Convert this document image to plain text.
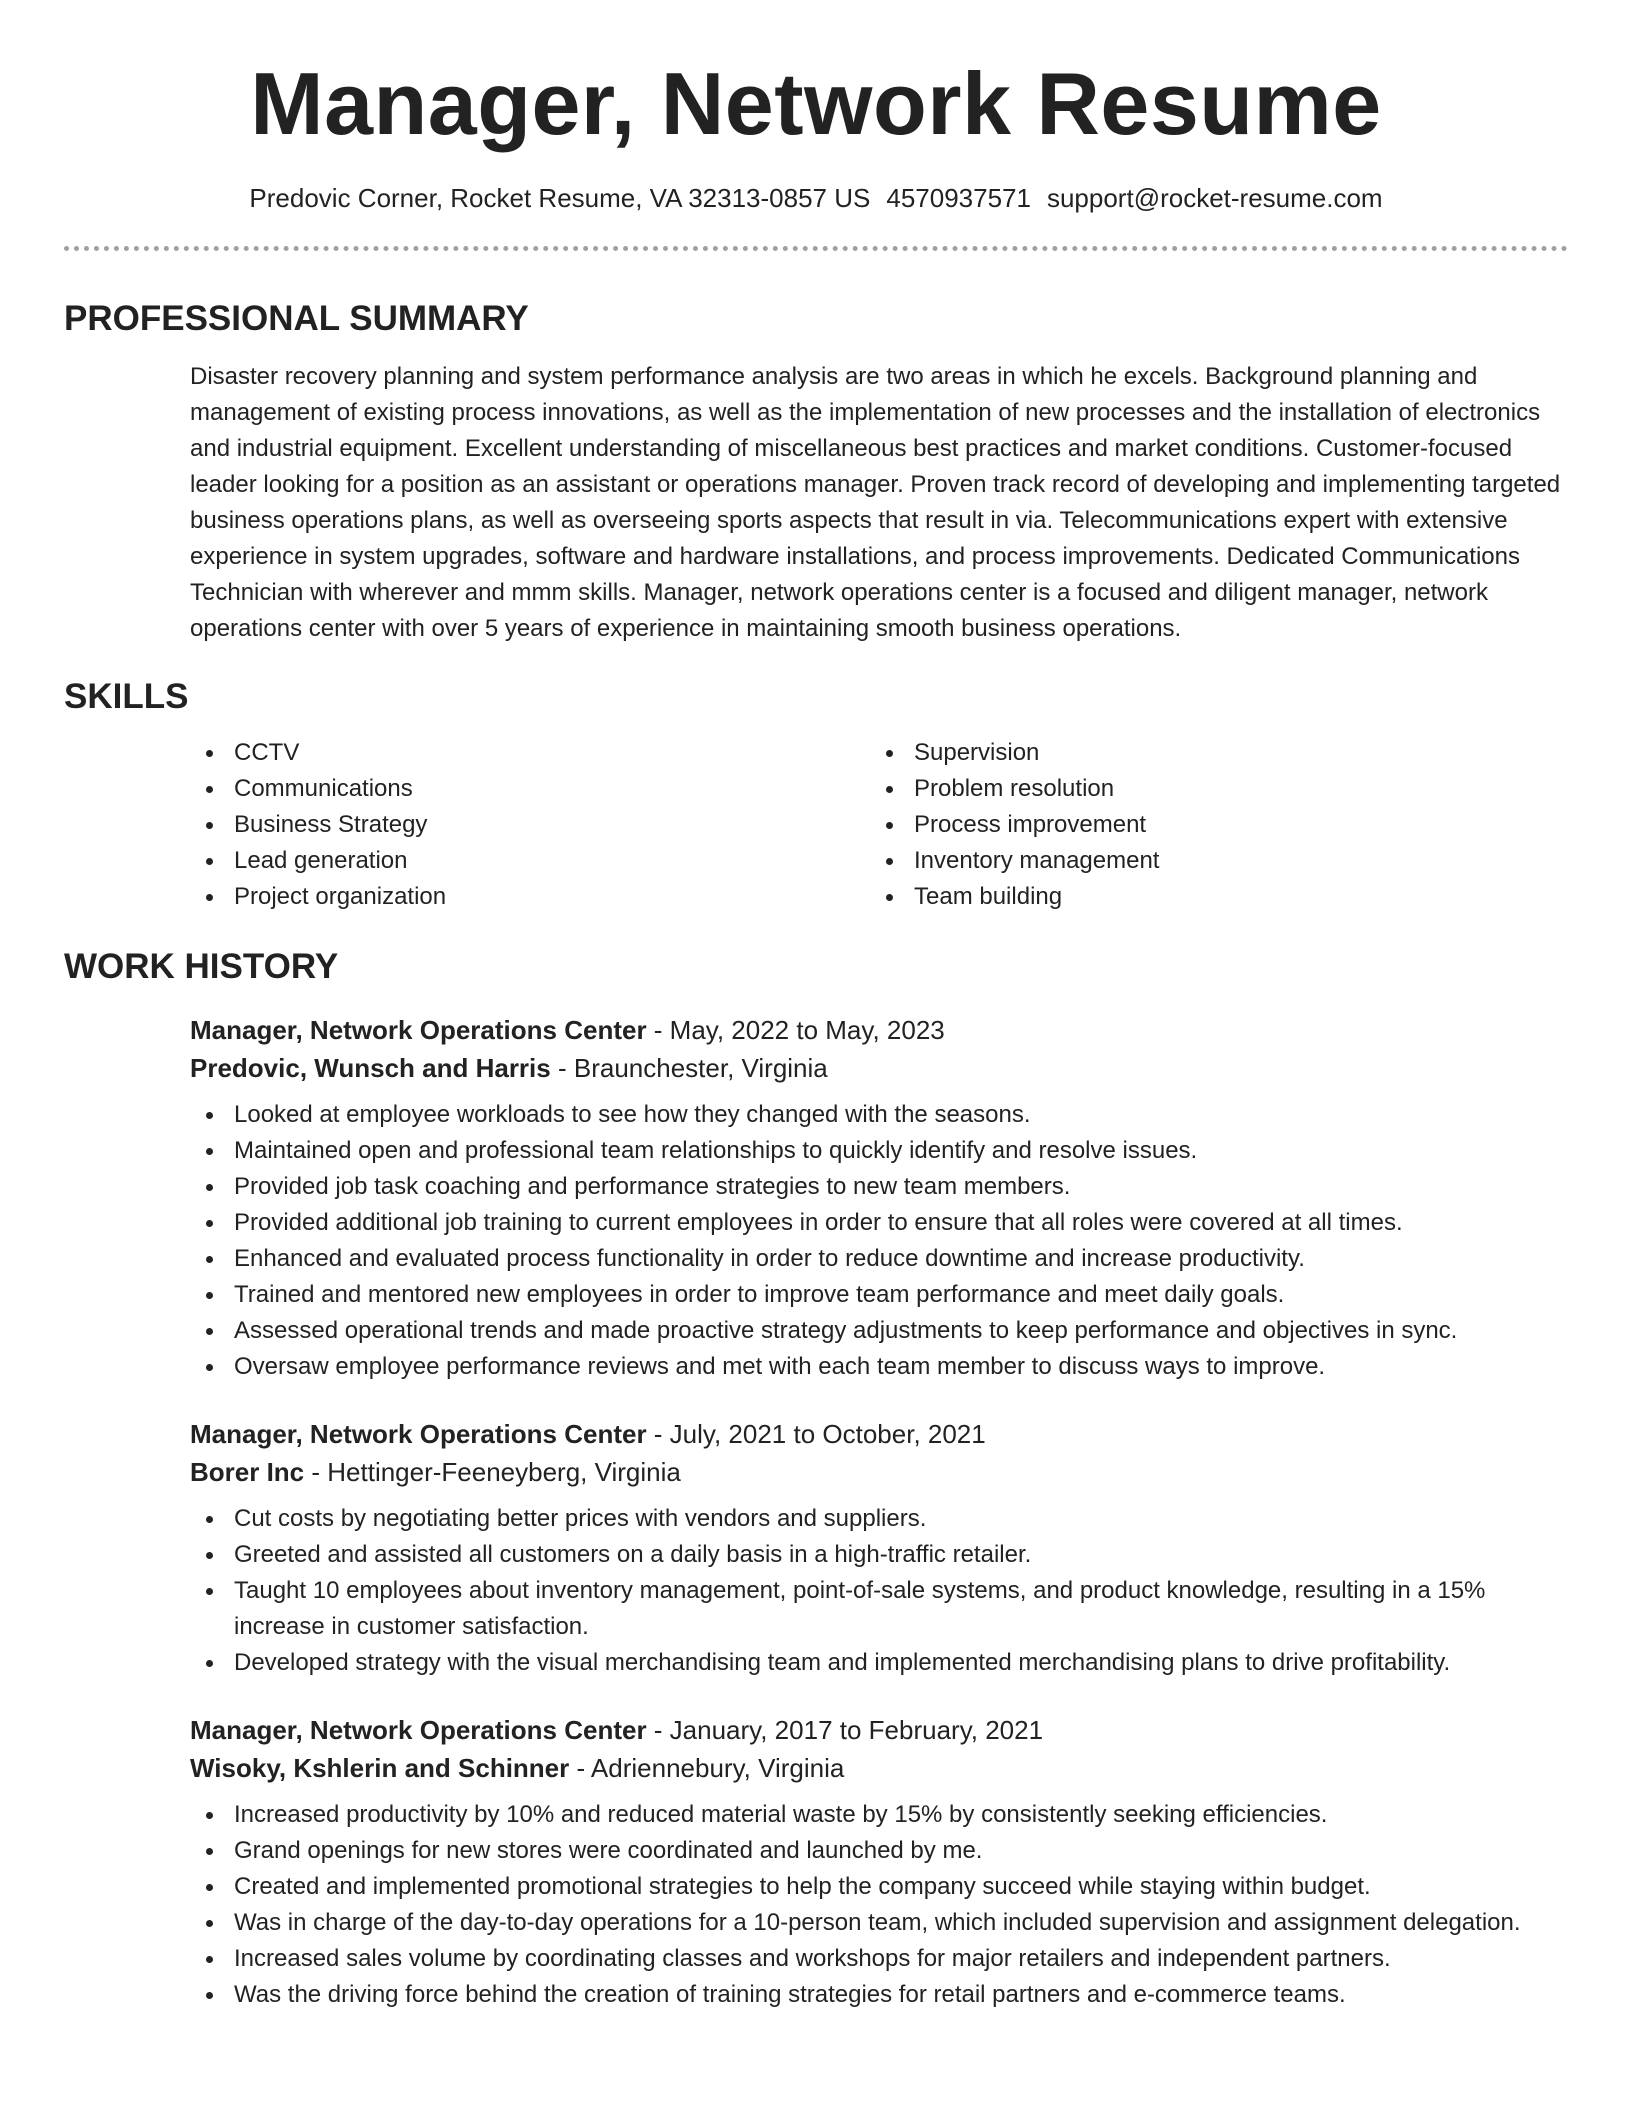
Manager, Network Resume
Predovic Corner, Rocket Resume, VA 32313-0857 US 4570937571 support@rocket-resume.com
PROFESSIONAL SUMMARY

Disaster recovery planning and system performance analysis are two areas in which he excels. Background planning and management of existing process innovations, as well as the implementation of new processes and the installation of electronics and industrial equipment. Excellent understanding of miscellaneous best practices and market conditions. Customer-focused leader looking for a position as an assistant or operations manager. Proven track record of developing and implementing targeted business operations plans, as well as overseeing sports aspects that result in via. Telecommunications expert with extensive experience in system upgrades, software and hardware installations, and process improvements. Dedicated Communications Technician with wherever and mmm skills. Manager, network operations center is a focused and diligent manager, network operations center with over 5 years of experience in maintaining smooth business operations.

SKILLS
CCTV
Communications
Business Strategy
Lead generation
Project organization
Supervision
Problem resolution
Process improvement
Inventory management
Team building
WORK HISTORY
Manager, Network Operations Center - May, 2022 to May, 2023
Predovic, Wunsch and Harris - Braunchester, Virginia
Looked at employee workloads to see how they changed with the seasons.
Maintained open and professional team relationships to quickly identify and resolve issues.
Provided job task coaching and performance strategies to new team members.
Provided additional job training to current employees in order to ensure that all roles were covered at all times.
Enhanced and evaluated process functionality in order to reduce downtime and increase productivity.
Trained and mentored new employees in order to improve team performance and meet daily goals.
Assessed operational trends and made proactive strategy adjustments to keep performance and objectives in sync.
Oversaw employee performance reviews and met with each team member to discuss ways to improve.
Manager, Network Operations Center - July, 2021 to October, 2021
Borer Inc - Hettinger-Feeneyberg, Virginia
Cut costs by negotiating better prices with vendors and suppliers.
Greeted and assisted all customers on a daily basis in a high-traffic retailer.
Taught 10 employees about inventory management, point-of-sale systems, and product knowledge, resulting in a 15% increase in customer satisfaction.
Developed strategy with the visual merchandising team and implemented merchandising plans to drive profitability.
Manager, Network Operations Center - January, 2017 to February, 2021
Wisoky, Kshlerin and Schinner - Adriennebury, Virginia
Increased productivity by 10% and reduced material waste by 15% by consistently seeking efficiencies.
Grand openings for new stores were coordinated and launched by me.
Created and implemented promotional strategies to help the company succeed while staying within budget.
Was in charge of the day-to-day operations for a 10-person team, which included supervision and assignment delegation.
Increased sales volume by coordinating classes and workshops for major retailers and independent partners.
Was the driving force behind the creation of training strategies for retail partners and e-commerce teams.
